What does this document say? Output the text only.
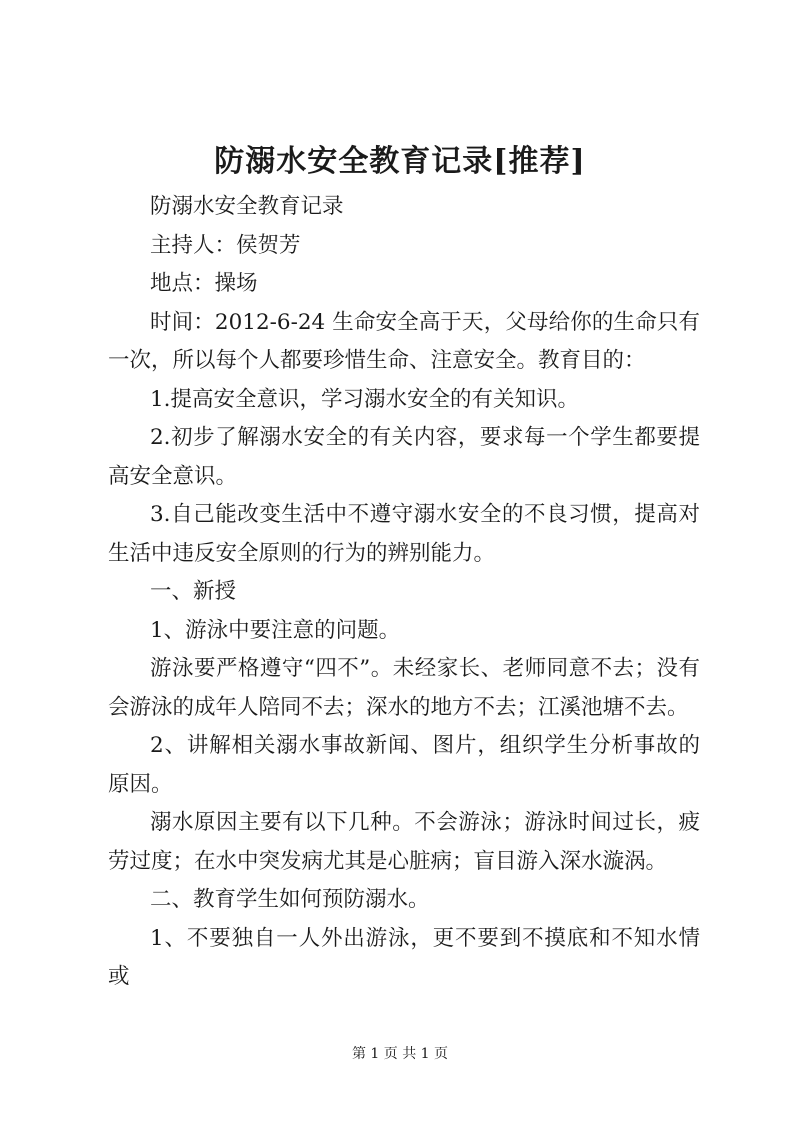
防溺水安全教育记录[推荐]

防溺水安全教育记录

主持人：侯贺芳

地点：操场

时间：2012-6-24 生命安全高于天，父母给你的生命只有一次，所以每个人都要珍惜生命、注意安全。教育目的：

1.提高安全意识，学习溺水安全的有关知识。

2.初步了解溺水安全的有关内容，要求每一个学生都要提高安全意识。

3.自己能改变生活中不遵守溺水安全的不良习惯，提高对生活中违反安全原则的行为的辨别能力。

一、新授

1、游泳中要注意的问题。

游泳要严格遵守“四不”。未经家长、老师同意不去；没有会游泳的成年人陪同不去；深水的地方不去；江溪池塘不去。

2、讲解相关溺水事故新闻、图片，组织学生分析事故的原因。

溺水原因主要有以下几种。不会游泳；游泳时间过长，疲劳过度；在水中突发病尤其是心脏病；盲目游入深水漩涡。

二、教育学生如何预防溺水。

1、不要独自一人外出游泳，更不要到不摸底和不知水情或

第 1 页 共 1 页
